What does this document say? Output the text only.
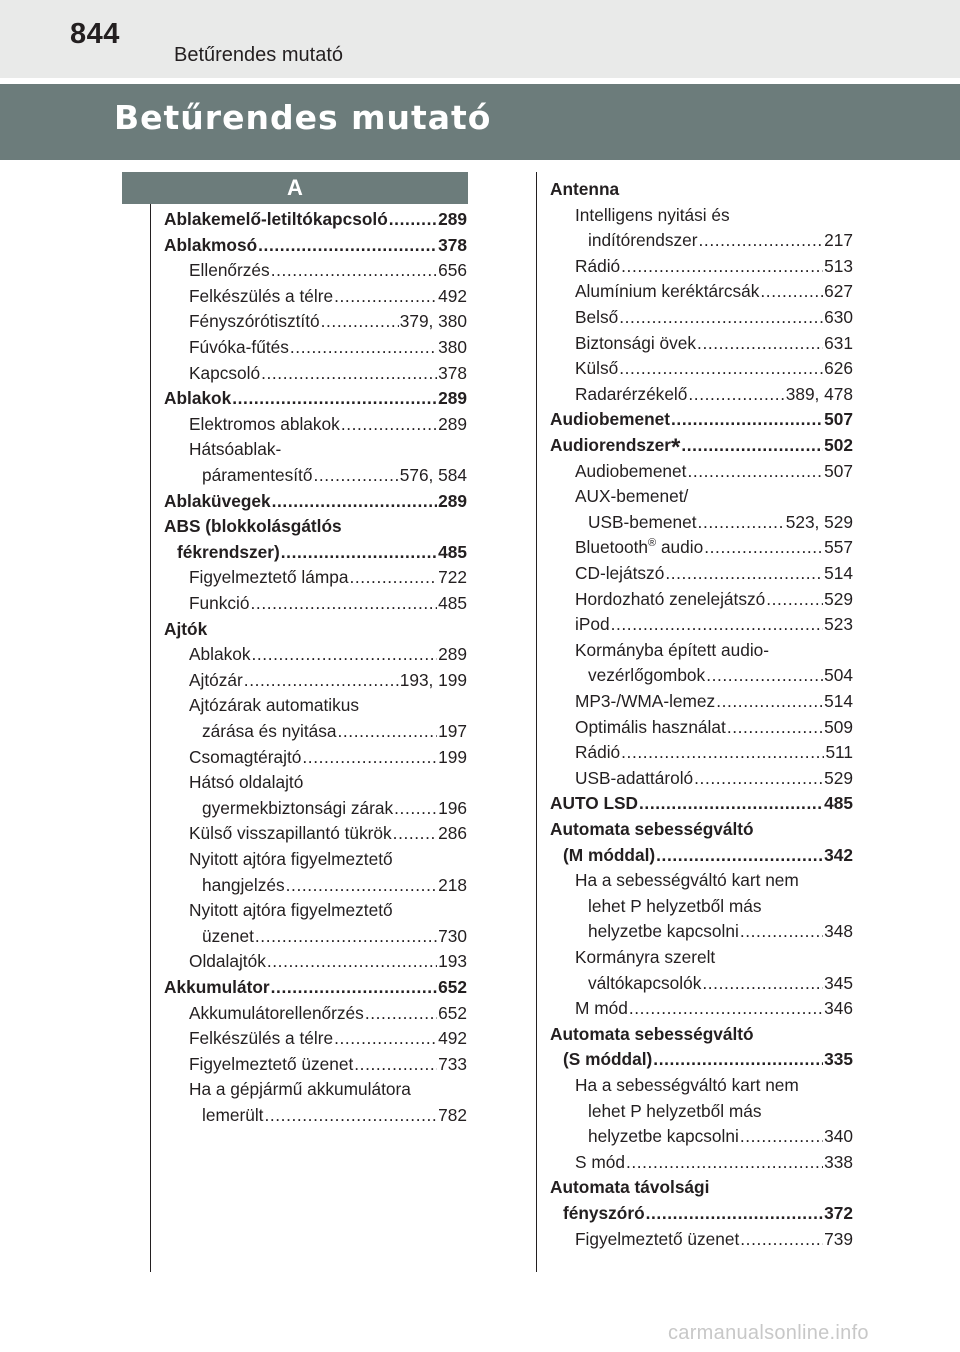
844
Betűrendes mutató
Betűrendes mutató
A
Ablakemelő-letiltókapcsoló .....	289
Ablakmosó .....	378
Ellenőrzés .....	656
Felkészülés a télre .....	492
Fényszórótisztító .....	379, 380
Fúvóka-fűtés .....	380
Kapcsoló .....	378
Ablakok .....	289
Elektromos ablakok .....	289
Hátsóablak-
páramentesítő .....	576, 584
Ablaküvegek .....	289
ABS (blokkolásgátlós
fékrendszer) .....	485
Figyelmeztető lámpa .....	722
Funkció .....	485
Ajtók
Ablakok .....	289
Ajtózár .....	193, 199
Ajtózárak automatikus
zárása és nyitása .....	197
Csomagtérajtó .....	199
Hátsó oldalajtó
gyermekbiztonsági zárak .....	196
Külső visszapillantó tükrök .....	286
Nyitott ajtóra figyelmeztető
hangjelzés .....	218
Nyitott ajtóra figyelmeztető
üzenet .....	730
Oldalajtók .....	193
Akkumulátor .....	652
Akkumulátorellenőrzés .....	652
Felkészülés a télre .....	492
Figyelmeztető üzenet .....	733
Ha a gépjármű akkumulátora
lemerült .....	782
Antenna
Intelligens nyitási és
indítórendszer .....	217
Rádió .....	513
Alumínium keréktárcsák .....	627
Belső .....	630
Biztonsági övek .....	631
Külső .....	626
Radarérzékelő .....	389, 478
Audiobemenet .....	507
Audiorendszer * .....	502
Audiobemenet .....	507
AUX-bemenet/
USB-bemenet .....	523, 529
Bluetooth ® audio .....	557
CD-lejátszó .....	514
Hordozható zenelejátszó .....	529
iPod .....	523
Kormányba épített audio-
vezérlőgombok .....	504
MP3-/WMA-lemez .....	514
Optimális használat .....	509
Rádió .....	511
USB-adattároló .....	529
AUTO LSD .....	485
Automata sebességváltó
(M móddal) .....	342
Ha a sebességváltó kart nem
lehet P helyzetből más
helyzetbe kapcsolni .....	348
Kormányra szerelt
váltókapcsolók .....	345
M mód .....	346
Automata sebességváltó
(S móddal) .....	335
Ha a sebességváltó kart nem
lehet P helyzetből más
helyzetbe kapcsolni .....	340
S mód .....	338
Automata távolsági
fényszóró .....	372
Figyelmeztető üzenet .....	739
carmanualsonline.info
